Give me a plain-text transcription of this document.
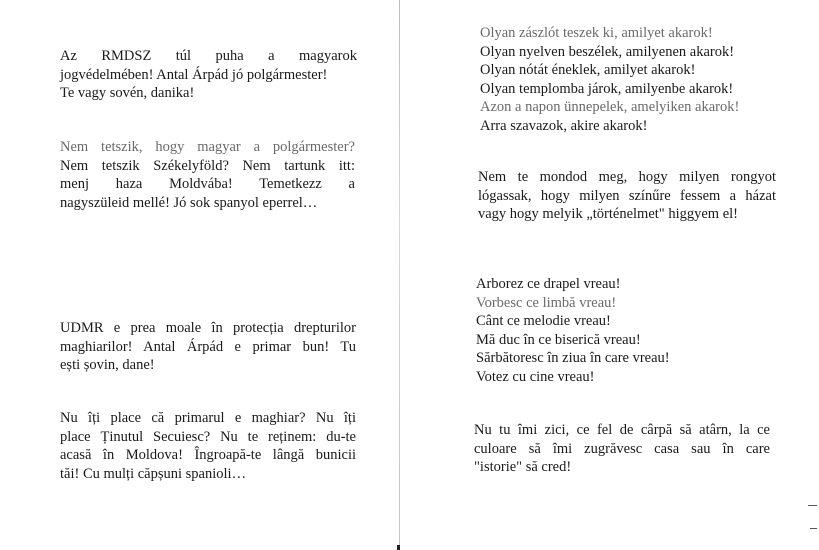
Az RMDSZ túl puha a magyarok
jogvédelmében! Antal Árpád jó polgármester!
Te vagy sovén, danika!

Nem tetszik, hogy magyar a polgármester?
Nem tetszik Székelyföld? Nem tartunk itt:
menj haza Moldvába! Temetkezz a
nagyszüleid mellé! Jó sok spanyol eperrel…

UDMR e prea moale în protecția drepturilor
maghiarilor! Antal Árpád e primar bun! Tu
ești șovin, dane!

Nu îți place că primarul e maghiar? Nu îți
place Ținutul Secuiesc? Nu te reținem: du-te
acasă în Moldova! Îngroapă-te lângă bunicii
tăi! Cu mulți căpșuni spanioli…

Olyan zászlót teszek ki, amilyet akarok!
Olyan nyelven beszélek, amilyenen akarok!
Olyan nótát éneklek, amilyet akarok!
Olyan templomba járok, amilyenbe akarok!
Azon a napon ünnepelek, amelyiken akarok!
Arra szavazok, akire akarok!

Nem te mondod meg, hogy milyen rongyot
lógassak, hogy milyen színűre fessem a házat
vagy hogy melyik „történelmet" higgyem el!

Arborez ce drapel vreau!
Vorbesc ce limbă vreau!
Cânt ce melodie vreau!
Mă duc în ce biserică vreau!
Sărbătoresc în ziua în care vreau!
Votez cu cine vreau!

Nu tu îmi zici, ce fel de cârpă să atârn, la ce
culoare să îmi zugrăvesc casa sau în care
"istorie" să cred!
